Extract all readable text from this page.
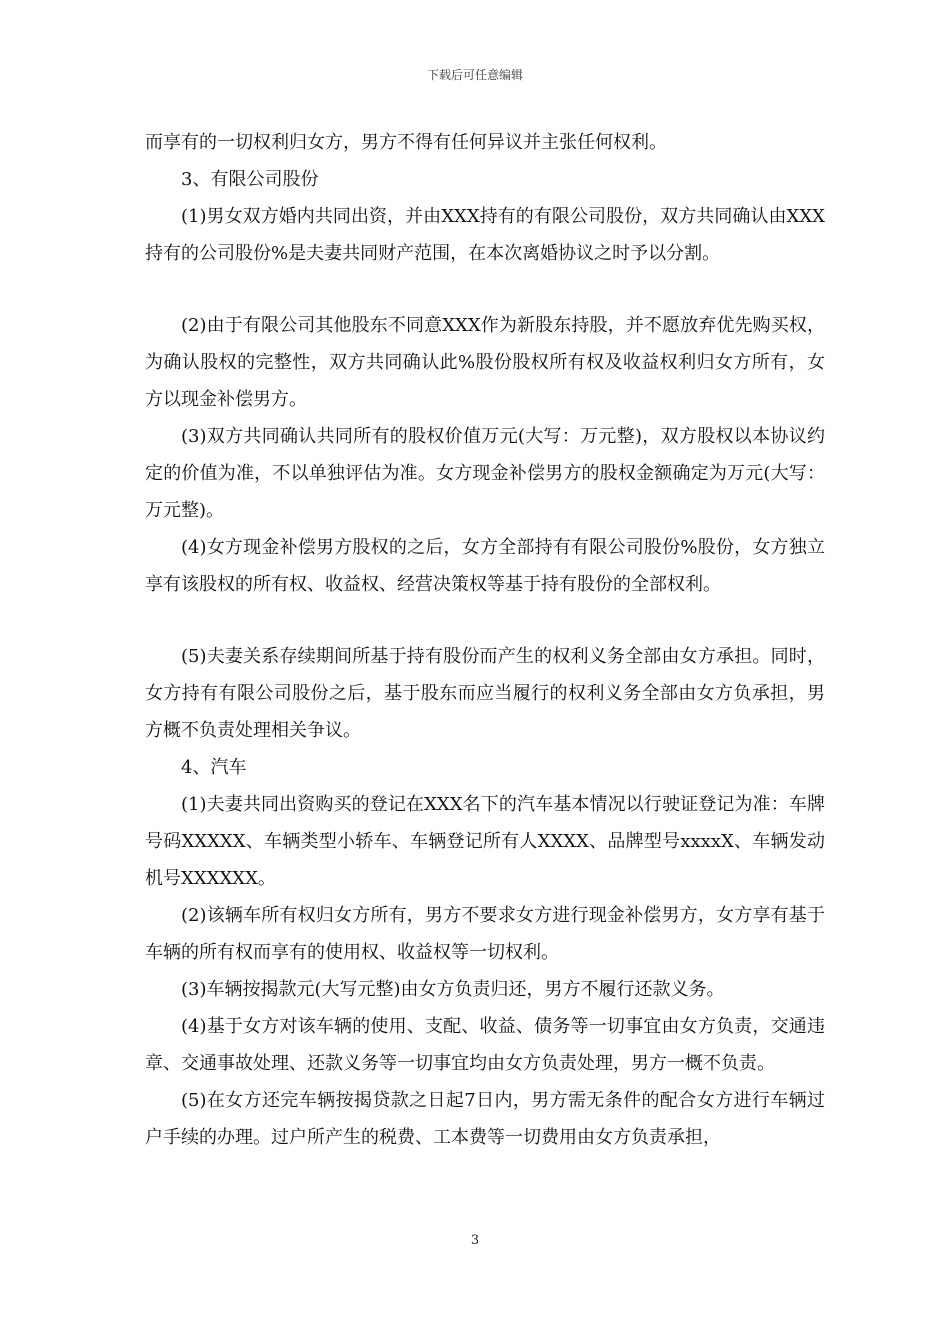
下载后可任意编辑

而享有的一切权利归女方，男方不得有任何异议并主张任何权利。

3、有限公司股份

(1)男女双方婚内共同出资，并由XXX持有的有限公司股份，双方共同确认由XXX持有的公司股份%是夫妻共同财产范围，在本次离婚协议之时予以分割。

(2)由于有限公司其他股东不同意XXX作为新股东持股，并不愿放弃优先购买权，为确认股权的完整性，双方共同确认此%股份股权所有权及收益权利归女方所有，女方以现金补偿男方。

(3)双方共同确认共同所有的股权价值万元(大写：万元整)，双方股权以本协议约定的价值为准，不以单独评估为准。女方现金补偿男方的股权金额确定为万元(大写：万元整)。

(4)女方现金补偿男方股权的之后，女方全部持有有限公司股份%股份，女方独立享有该股权的所有权、收益权、经营决策权等基于持有股份的全部权利。

(5)夫妻关系存续期间所基于持有股份而产生的权利义务全部由女方承担。同时，女方持有有限公司股份之后，基于股东而应当履行的权利义务全部由女方负承担，男方概不负责处理相关争议。

4、汽车

(1)夫妻共同出资购买的登记在XXX名下的汽车基本情况以行驶证登记为准：车牌号码XXXXX、车辆类型小轿车、车辆登记所有人XXXX、品牌型号xxxxX、车辆发动机号XXXXXX。

(2)该辆车所有权归女方所有，男方不要求女方进行现金补偿男方，女方享有基于车辆的所有权而享有的使用权、收益权等一切权利。

(3)车辆按揭款元(大写元整)由女方负责归还，男方不履行还款义务。

(4)基于女方对该车辆的使用、支配、收益、债务等一切事宜由女方负责，交通违章、交通事故处理、还款义务等一切事宜均由女方负责处理，男方一概不负责。

(5)在女方还完车辆按揭贷款之日起7日内，男方需无条件的配合女方进行车辆过户手续的办理。过户所产生的税费、工本费等一切费用由女方负责承担，

3
